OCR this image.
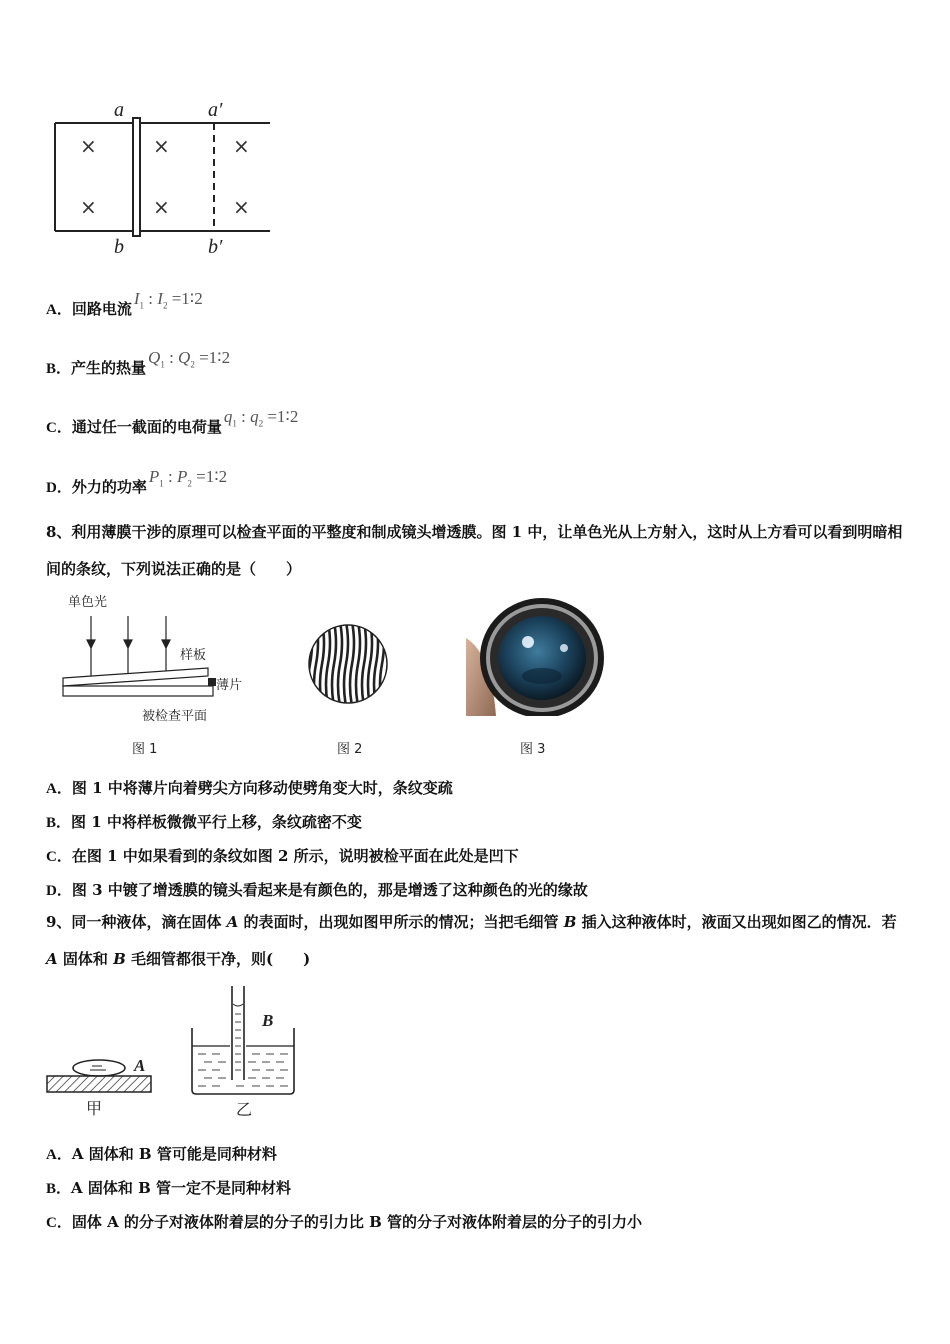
a	a′
b	b′
×	×	×
×	×	×
A．回路电流$I_1$ : $I_2$ =1∶2
B．产生的热量$Q_1$ : $Q_2$ =1∶2
C．通过任一截面的电荷量$q_1$ : $q_2$ =1∶2
D．外力的功率$P_1$ : $P_2$ =1∶2
8、利用薄膜干涉的原理可以检查平面的平整度和制成镜头增透膜。图 1 中，让单色光从上方射入，这时从上方看可以看到明暗相间的条纹，下列说法正确的是（　　）
单色光
样板
薄片
被检查平面
图 1	图 2	图 3
A．图 1 中将薄片向着劈尖方向移动使劈角变大时，条纹变疏
B．图 1 中将样板微微平行上移，条纹疏密不变
C．在图 1 中如果看到的条纹如图 2 所示，说明被检平面在此处是凹下
D．图 3 中镀了增透膜的镜头看起来是有颜色的，那是增透了这种颜色的光的缘故
9、同一种液体，滴在固体 A 的表面时，出现如图甲所示的情况；当把毛细管 B 插入这种液体时，液面又出现如图乙的情况．若 A 固体和 B 毛细管都很干净，则(　　)
A
甲
B
乙
A．A 固体和 B 管可能是同种材料
B．A 固体和 B 管一定不是同种材料
C．固体 A 的分子对液体附着层的分子的引力比 B 管的分子对液体附着层的分子的引力小
